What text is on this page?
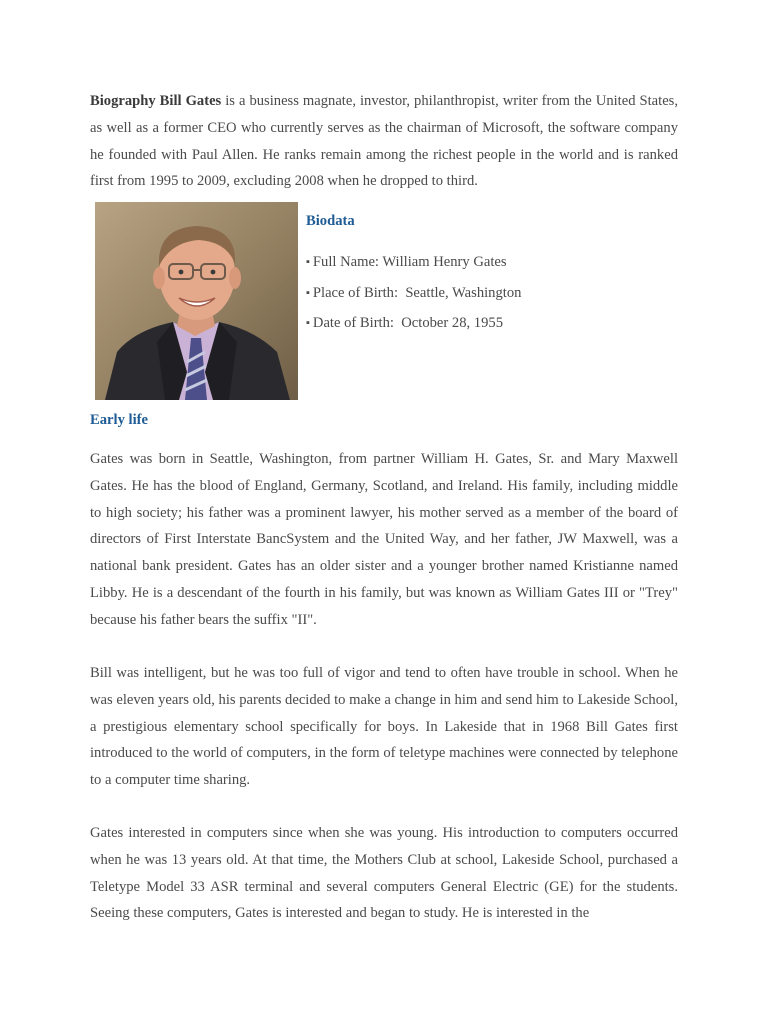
Biography Bill Gates is a business magnate, investor, philanthropist, writer from the United States, as well as a former CEO who currently serves as the chairman of Microsoft, the software company he founded with Paul Allen. He ranks remain among the richest people in the world and is ranked first from 1995 to 2009, excluding 2008 when he dropped to third.

Biodata
▪ Full Name: William Henry Gates
▪ Place of Birth:  Seattle, Washington
▪ Date of Birth:  October 28, 1955
Early life

Gates was born in Seattle, Washington, from partner William H. Gates, Sr. and Mary Maxwell Gates. He has the blood of England, Germany, Scotland, and Ireland. His family, including middle to high society; his father was a prominent lawyer, his mother served as a member of the board of directors of First Interstate BancSystem and the United Way, and her father, JW Maxwell, was a national bank president. Gates has an older sister and a younger brother named Kristianne named Libby. He is a descendant of the fourth in his family, but was known as William Gates III or "Trey" because his father bears the suffix "II".

Bill was intelligent, but he was too full of vigor and tend to often have trouble in school. When he was eleven years old, his parents decided to make a change in him and send him to Lakeside School, a prestigious elementary school specifically for boys. In Lakeside that in 1968 Bill Gates first introduced to the world of computers, in the form of teletype machines were connected by telephone to a computer time sharing.

Gates interested in computers since when she was young. His introduction to computers occurred when he was 13 years old. At that time, the Mothers Club at school, Lakeside School, purchased a Teletype Model 33 ASR terminal and several computers General Electric (GE) for the students. Seeing these computers, Gates is interested and began to study. He is interested in the
